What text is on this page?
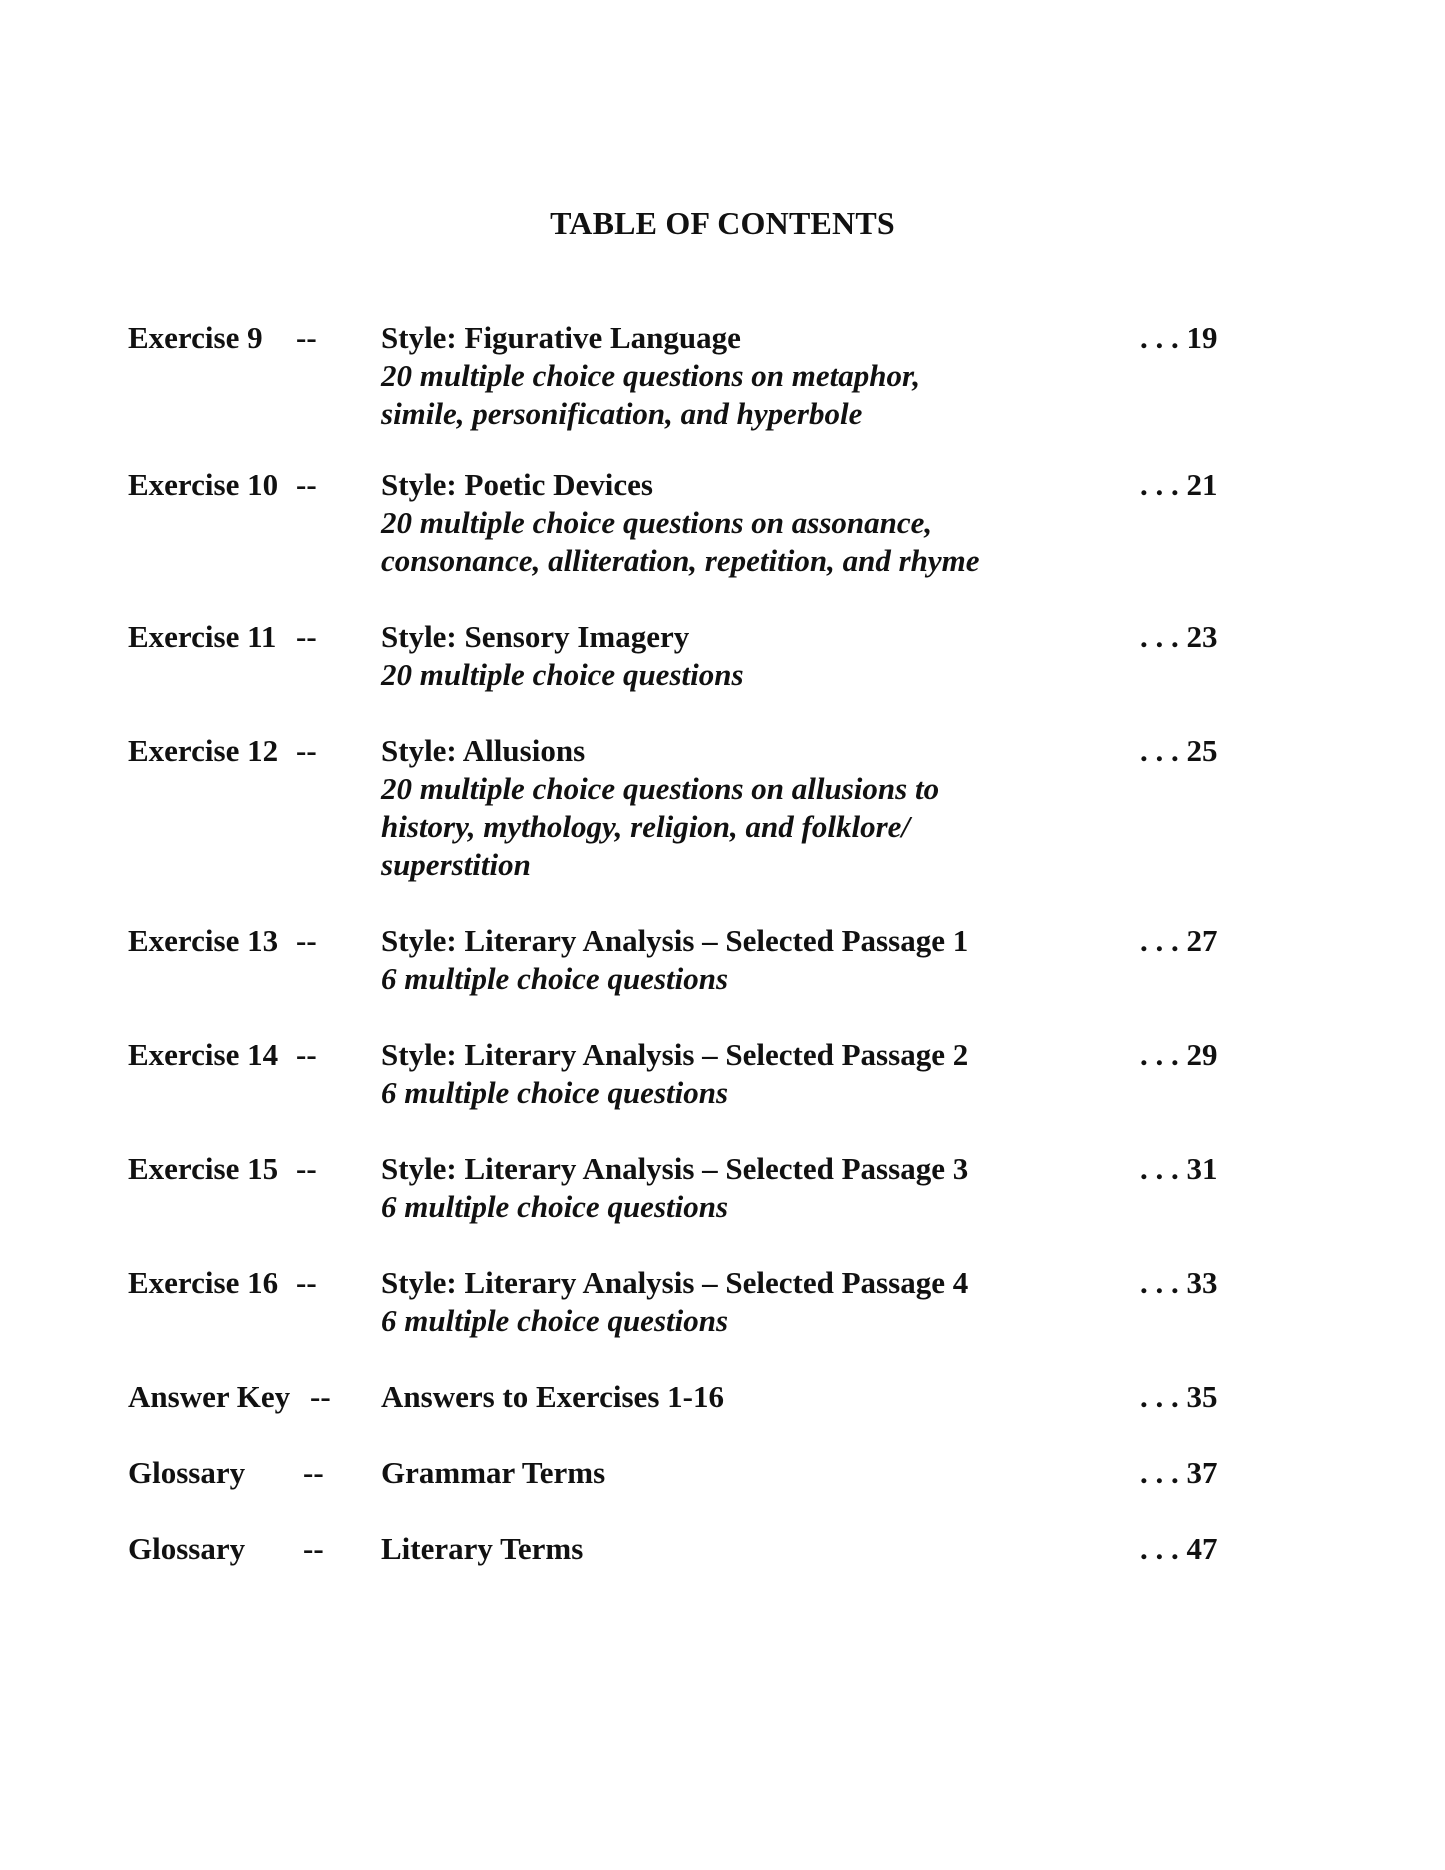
TABLE OF CONTENTS
Exercise 9 -- Style: Figurative Language
20 multiple choice questions on metaphor,
simile, personification, and hyperbole
. . . 19
Exercise 10 -- Style: Poetic Devices
20 multiple choice questions on assonance,
consonance, alliteration, repetition, and rhyme
. . . 21
Exercise 11 -- Style: Sensory Imagery
20 multiple choice questions
. . . 23
Exercise 12 -- Style: Allusions
20 multiple choice questions on allusions to
history, mythology, religion, and folklore/
superstition
. . . 25
Exercise 13 -- Style: Literary Analysis – Selected Passage 1
6 multiple choice questions
. . . 27
Exercise 14 -- Style: Literary Analysis – Selected Passage 2
6 multiple choice questions
. . . 29
Exercise 15 -- Style: Literary Analysis – Selected Passage 3
6 multiple choice questions
. . . 31
Exercise 16 -- Style: Literary Analysis – Selected Passage 4
6 multiple choice questions
. . . 33
Answer Key -- Answers to Exercises 1-16	. . . 35
Glossary -- Grammar Terms	. . . 37
Glossary -- Literary Terms	. . . 47
